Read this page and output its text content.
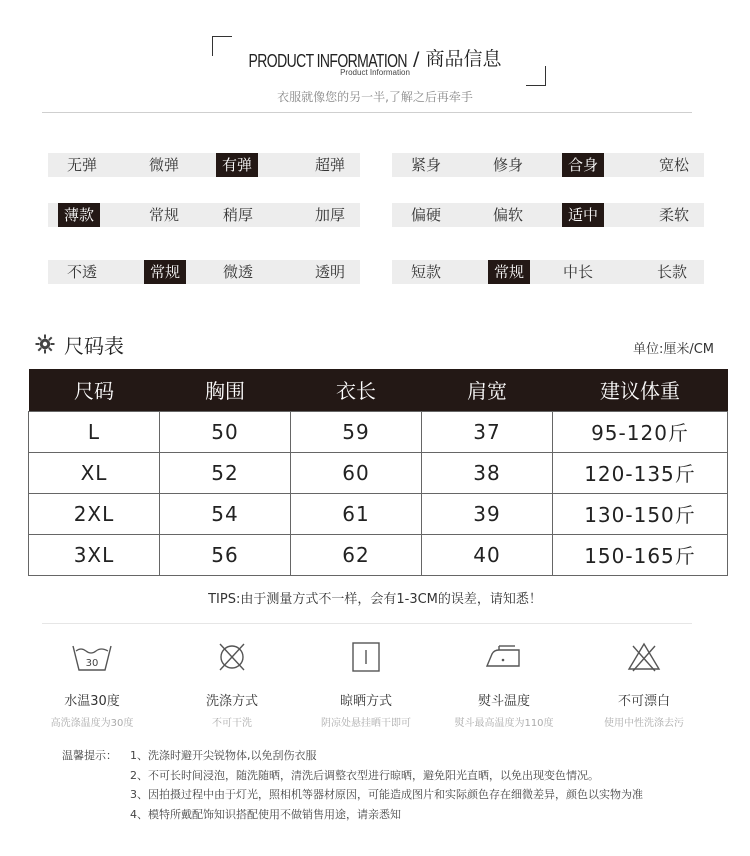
PRODUCT INFORMATION / 商品信息
Product Information
衣服就像您的另一半,了解之后再牵手
无弹	微弹	有弹	超弹	紧身	修身	合身	宽松
薄款	常规	稍厚	加厚	偏硬	偏软	适中	柔软
不透	常规	微透	透明	短款	常规	中长	长款
尺码表	单位:厘米/CM
尺码	胸围	衣长	肩宽	建议体重
L	50	59	37	95-120斤
XL	52	60	38	120-135斤
2XL	54	61	39	130-150斤
3XL	56	62	40	150-165斤
TIPS:由于测量方式不一样，会有1-3CM的误差，请知悉！
30
水温30度
高洗涤温度为30度
洗涤方式
不可干洗
晾晒方式
阴凉处悬挂晒干即可
熨斗温度
熨斗最高温度为110度
不可漂白
使用中性洗涤去污
温馨提示： 1、洗涤时避开尖锐物体,以免刮伤衣服
2、不可长时间浸泡，随洗随晒，清洗后调整衣型进行晾晒，避免阳光直晒，以免出现变色情况。
3、因拍摄过程中由于灯光，照相机等器材原因，可能造成图片和实际颜色存在细微差异，颜色以实物为准
4、模特所戴配饰知识搭配使用不做销售用途，请亲悉知
